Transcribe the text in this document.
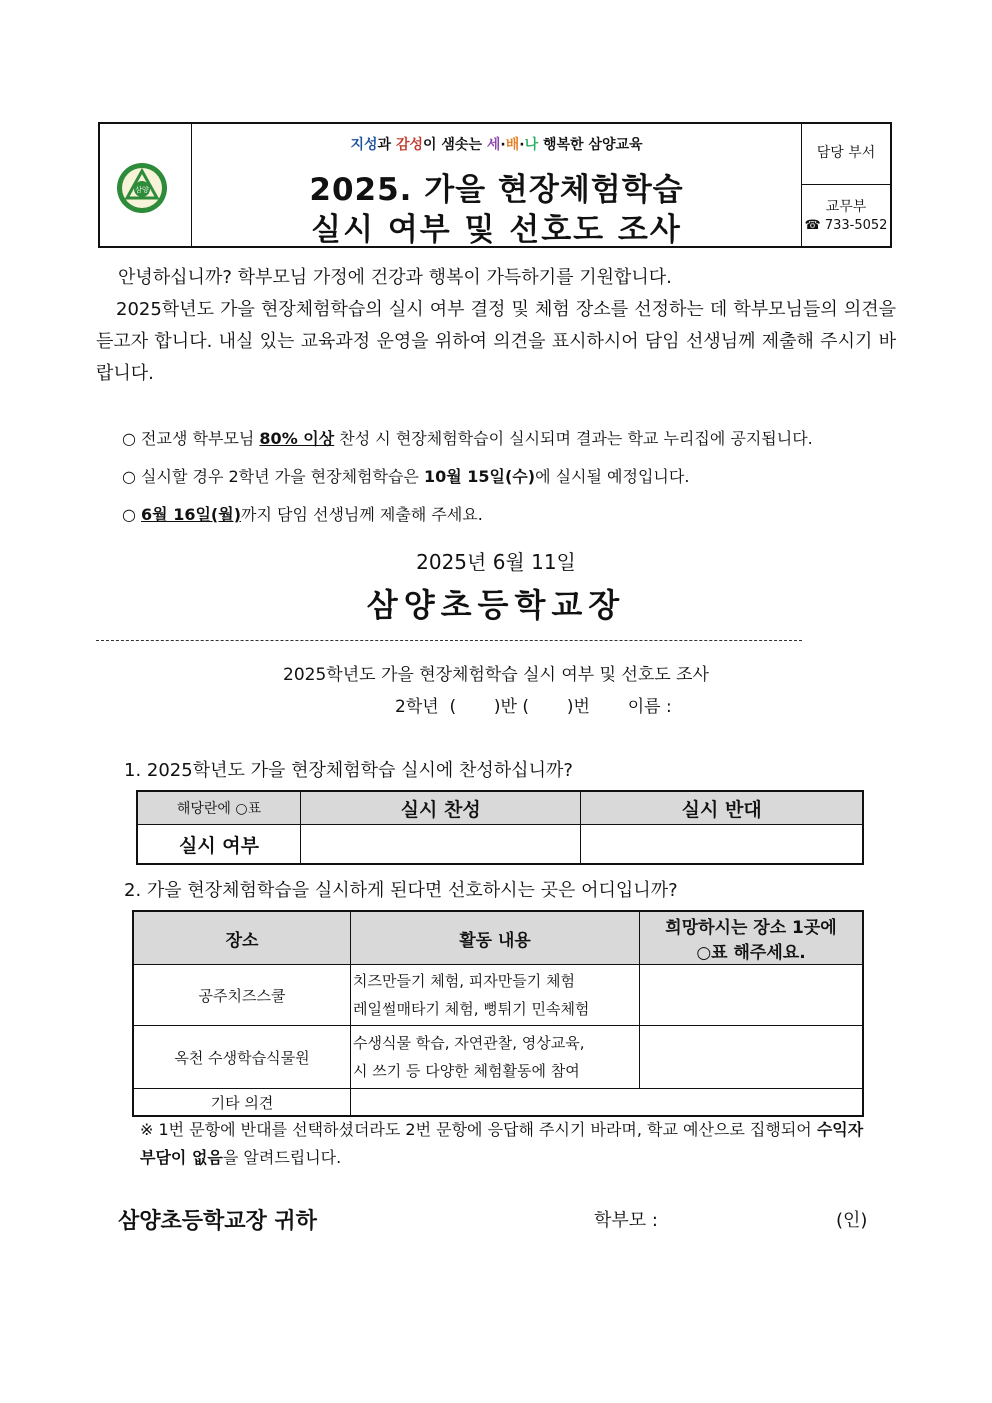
삼양
지성과 감성이 샘솟는 세·배·나 행복한 삼양교육
2025. 가을 현장체험학습
실시 여부 및 선호도 조사
담당 부서
교무부
☎ 733-5052
안녕하십니까? 학부모님 가정에 건강과 행복이 가득하기를 기원합니다.
2025학년도 가을 현장체험학습의 실시 여부 결정 및 체험 장소를 선정하는 데 학부모님들의 의견을 듣고자 합니다. 내실 있는 교육과정 운영을 위하여 의견을 표시하시어 담임 선생님께 제출해 주시기 바랍니다.
○ 전교생 학부모님 80% 이상 찬성 시 현장체험학습이 실시되며 결과는 학교 누리집에 공지됩니다.
○ 실시할 경우 2학년 가을 현장체험학습은 10월 15일(수)에 실시될 예정입니다.
○ 6월 16일(월)까지 담임 선생님께 제출해 주세요.
2025년 6월 11일
삼양초등학교장
2025학년도 가을 현장체험학습 실시 여부 및 선호도 조사
2학년  (       )반 (       )번       이름 :
1. 2025학년도 가을 현장체험학습 실시에 찬성하십니까?
해당란에 ○표	실시 찬성	실시 반대
실시 여부		
2. 가을 현장체험학습을 실시하게 된다면 선호하시는 곳은 어디입니까?
장소	활동 내용	희망하시는 장소 1곳에
○표 해주세요.

공주치즈스쿨	치즈만들기 체험, 피자만들기 체험
레일썰매타기 체험, 뻥튀기 민속체험	

옥천 수생학습식물원	수생식물 학습, 자연관찰, 영상교육,
시 쓰기 등 다양한 체험활동에 참여	

기타 의견		
※ 1번 문항에 반대를 선택하셨더라도 2번 문항에 응답해 주시기 바라며, 학교 예산으로 집행되어 수익자 부담이 없음을 알려드립니다.
삼양초등학교장 귀하	학부모 :	(인)
